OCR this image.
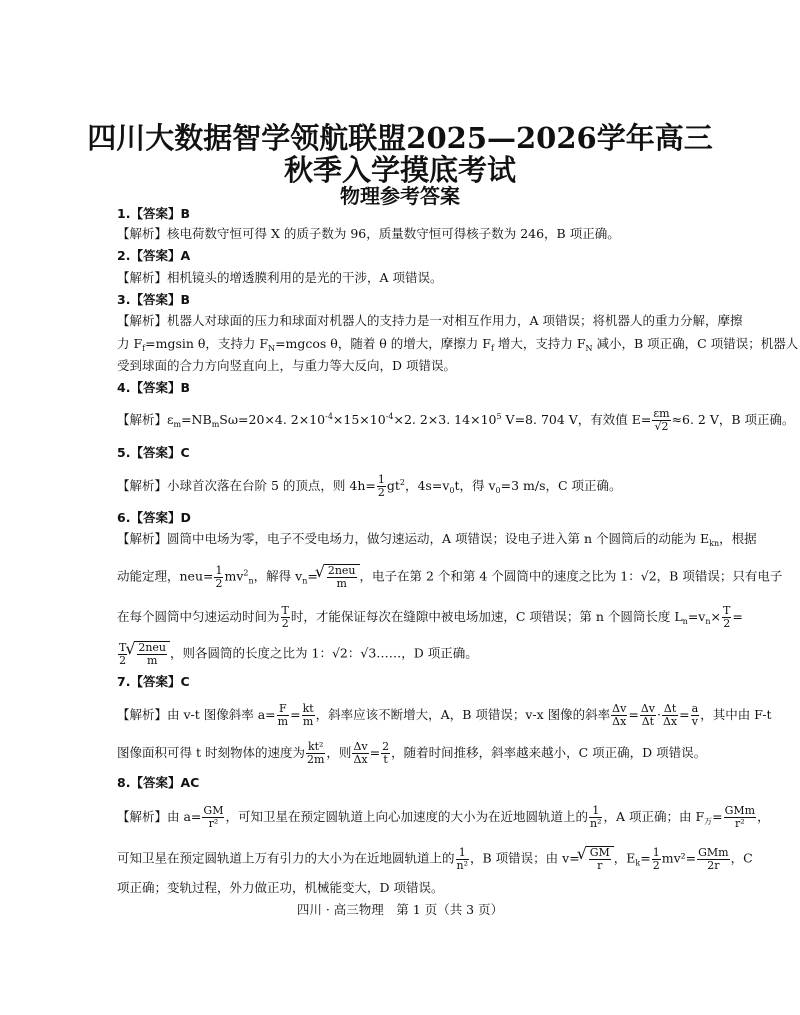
四川大数据智学领航联盟2025—2026学年高三
秋季入学摸底考试
物理参考答案
1.【答案】B
【解析】核电荷数守恒可得 X 的质子数为 96，质量数守恒可得核子数为 246，B 项正确。
2.【答案】A
【解析】相机镜头的增透膜利用的是光的干涉，A 项错误。
3.【答案】B
【解析】机器人对球面的压力和球面对机器人的支持力是一对相互作用力，A 项错误；将机器人的重力分解，摩擦
力 $F_f=mgsin$ θ，支持力 $F_N=mgcos$ θ，随着 θ 的增大，摩擦力 $F_f$ 增大，支持力 $F_N$ 减小，B 项正确，C 项错误；机器人
受到球面的合力方向竖直向上，与重力等大反向，D 项错误。
4.【答案】B
【解析】$\varepsilon_m=NB_mS\omega=20\times 4$. $2\times 10^{-4}\times 15\times 10^{-4}\times 2$. 2×3. $14\times 10^5$ V=8. 704 V，有效值 $E= \frac{\varepsilon m}{√2} \approx 6$. 2 V，B 项正确。
5.【答案】C
【解析】小球首次落在台阶 5 的顶点，则 $4h= \frac{1}{2} gt^2$，$4s=v_0t$，得 $v_0=3$ m/s，C 项正确。
6.【答案】D
【解析】圆筒中电场为零，电子不受电场力，做匀速运动，A 项错误；设电子进入第 n 个圆筒后的动能为 $E_{kn}$，根据
动能定理，$neu= \frac{1}{2} mv^2_n$，解得 $v_n=$ √ $\frac{\text{2neu}}{m}$ ，电子在第 2 个和第 4 个圆筒中的速度之比为 1：√2，B 项错误；只有电子
在每个圆筒中匀速运动时间为 $\frac{T}{2}$ 时，才能保证每次在缝隙中被电场加速，C 项错误；第 n 个圆筒长度 $L_n=v_n\times \frac{T}{2}$ =
$\frac{T}{2}$ √ $\frac{\text{2neu}}{m}$ ，则各圆筒的长度之比为 1：√2：√3……，D 项正确。
7.【答案】C
【解析】由 v-t 图像斜率 $a= \frac{F}{m} = \frac{kt}{m}$ ，斜率应该不断增大，A，B 项错误；v-x 图像的斜率 $\frac{\Delta v}{\Delta x} = \frac{\Delta v}{\Delta t} \cdot \frac{\Delta t}{\Delta x} = \frac{a}{v}$ ，其中由 F-t
图像面积可得 t 时刻物体的速度为 $\frac{\text{kt²}}{2m}$ ，则 $\frac{\Delta v}{\Delta x} = \frac{2}{t}$ ，随着时间推移，斜率越来越小，C 项正确，D 项错误。
8.【答案】AC
【解析】由 $a= \frac{GM}{\text{r²}}$ ，可知卫星在预定圆轨道上向心加速度的大小为在近地圆轨道上的 $\frac{1}{\text{n²}}$ ，A 项正确；由 $F_万= \frac{\text{GMm}}{\text{r²}}$ ，
可知卫星在预定圆轨道上万有引力的大小为在近地圆轨道上的 $\frac{1}{\text{n²}}$ ，B 项错误；由 v= √ $\frac{GM}{r}$ ，$E_k= \frac{1}{2} mv^2= \frac{\text{GMm}}{2r}$ ，C
项正确；变轨过程，外力做正功，机械能变大，D 项错误。
四川 · 高三物理　第 1 页（共 3 页）
